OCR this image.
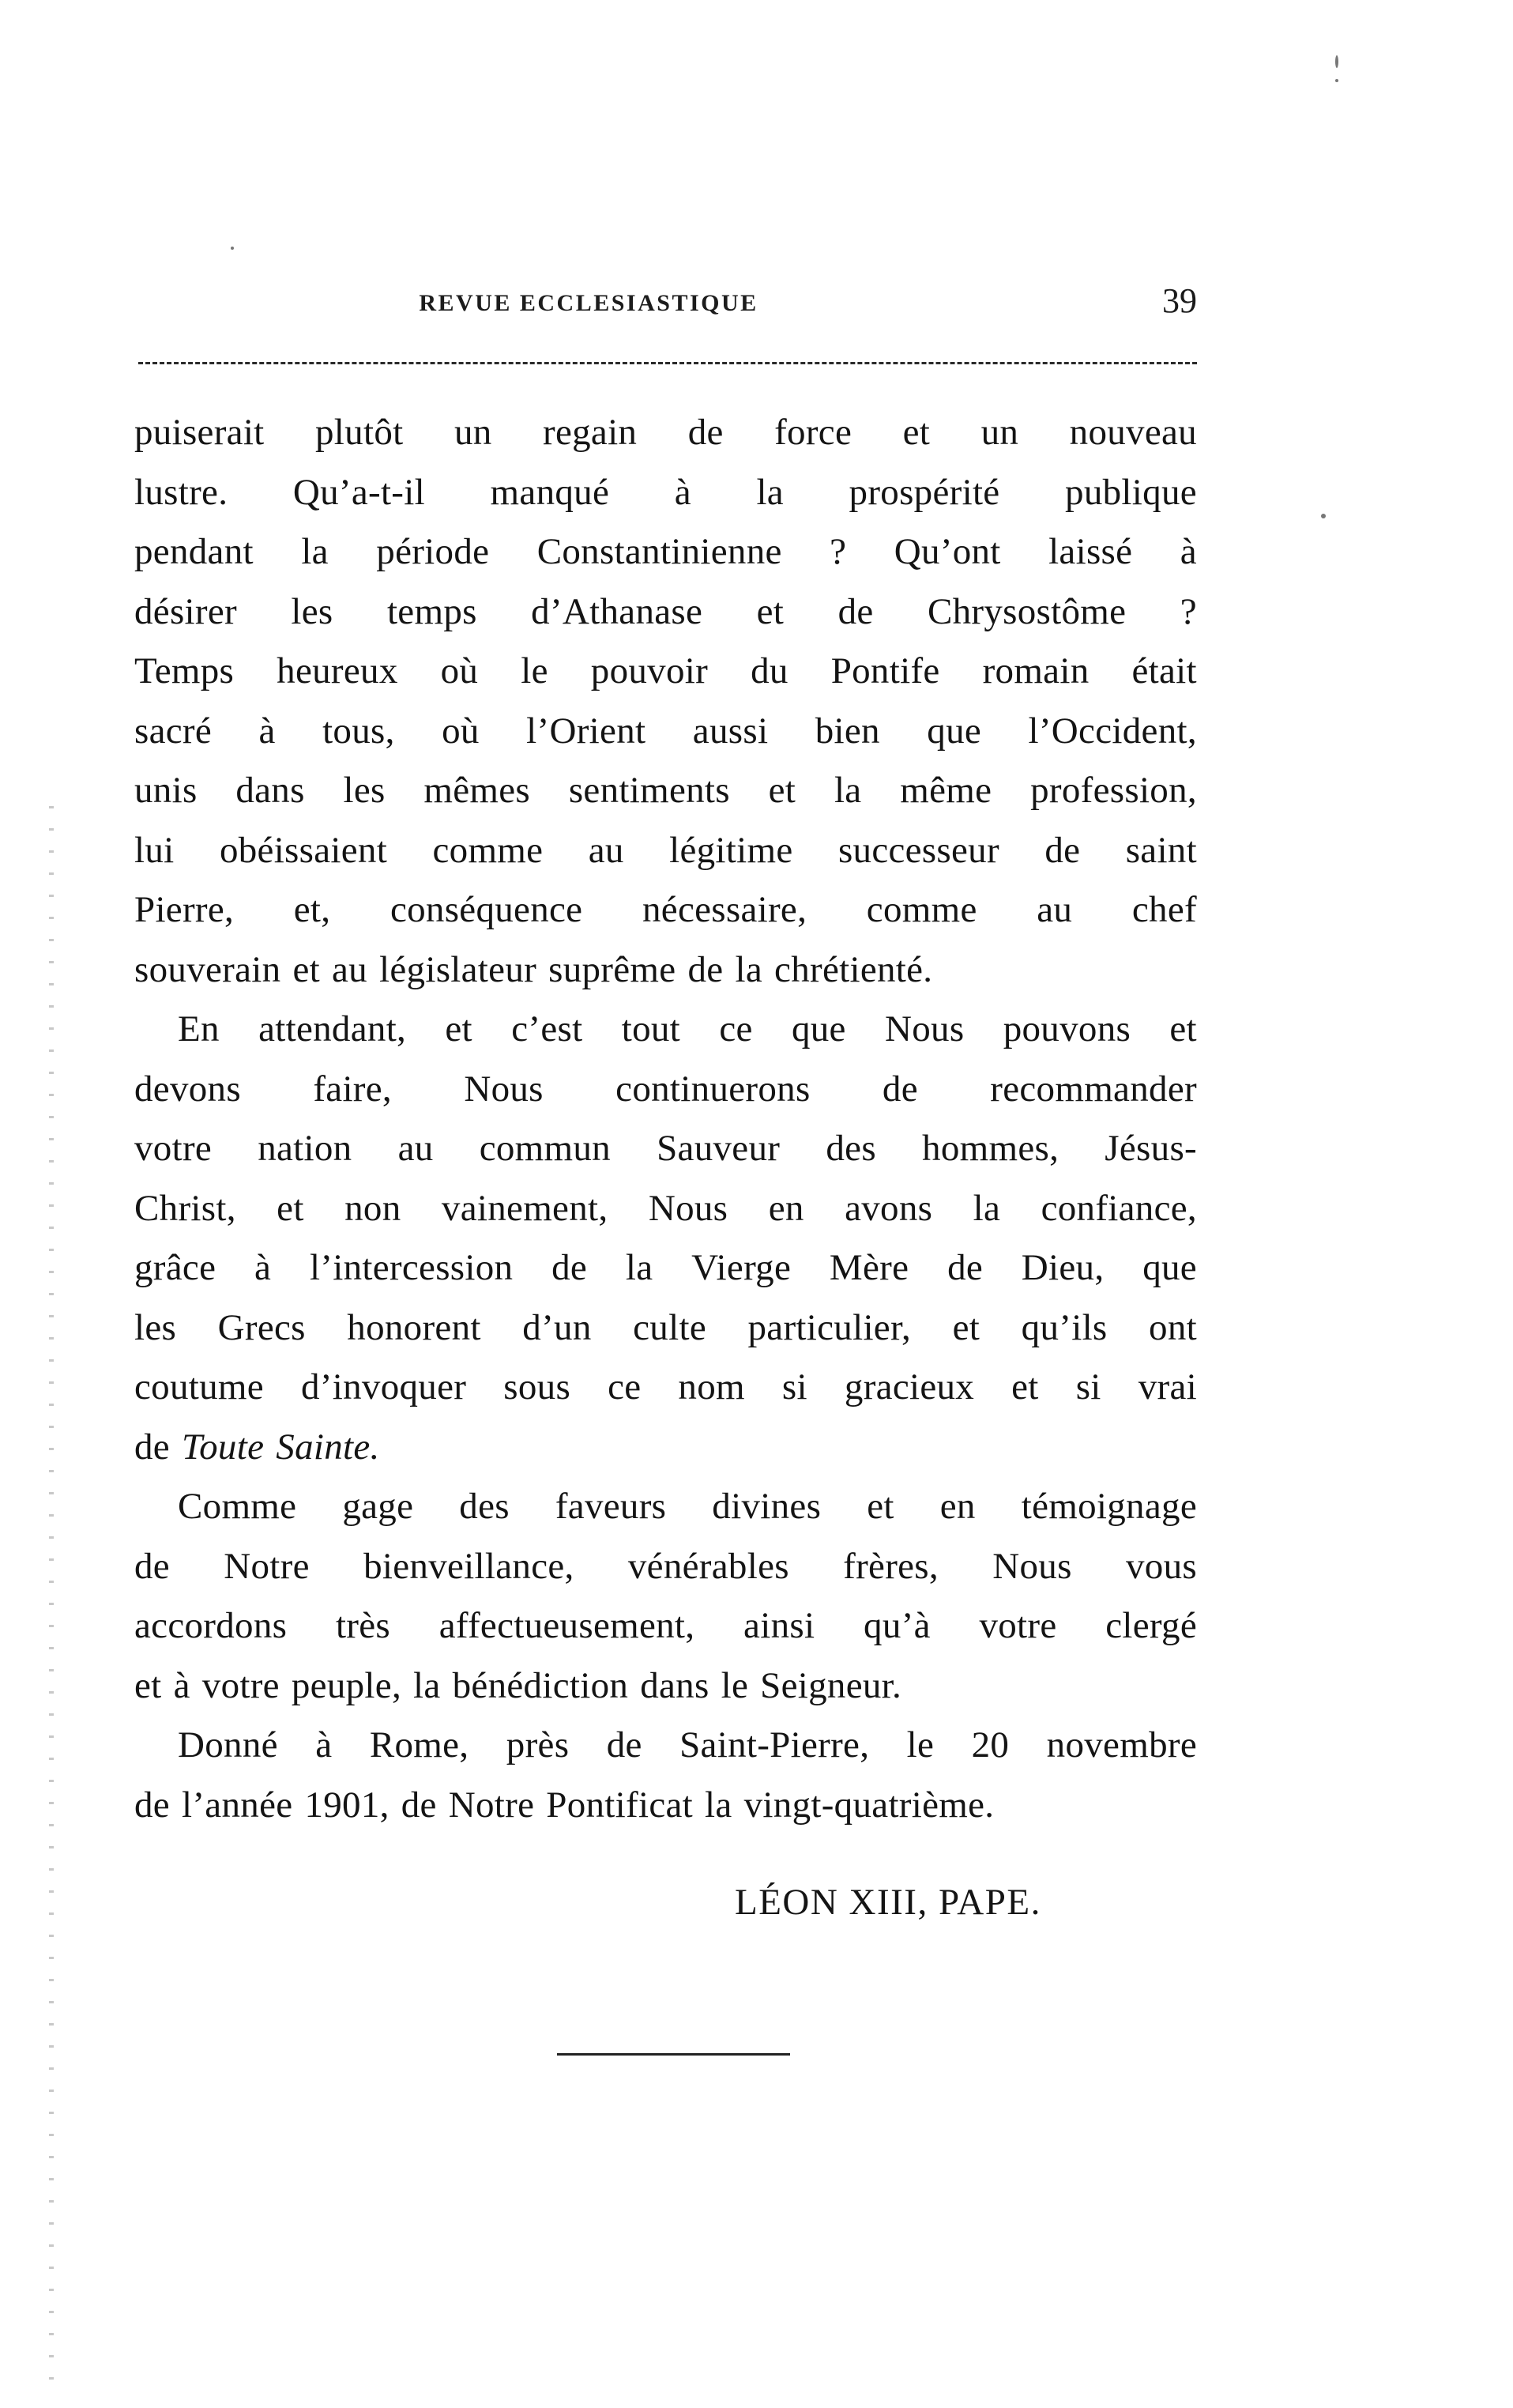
REVUE ECCLESIASTIQUE	39
puiserait plutôt un regain de force et un nouveau
lustre. Qu’a-t-il manqué à la prospérité publique
pendant la période Constantinienne ? Qu’ont laissé à
désirer les temps d’Athanase et de Chrysostôme ?
Temps heureux où le pouvoir du Pontife romain était
sacré à tous, où l’Orient aussi bien que l’Occident,
unis dans les mêmes sentiments et la même profession,
lui obéissaient comme au légitime successeur de saint
Pierre, et, conséquence nécessaire, comme au chef
souverain et au législateur suprême de la chrétienté.
En attendant, et c’est tout ce que Nous pouvons et
devons faire, Nous continuerons de recommander
votre nation au commun Sauveur des hommes, Jésus-
Christ, et non vainement, Nous en avons la confiance,
grâce à l’intercession de la Vierge Mère de Dieu, que
les Grecs honorent d’un culte particulier, et qu’ils ont
coutume d’invoquer sous ce nom si gracieux et si vrai
de Toute Sainte.
Comme gage des faveurs divines et en témoignage
de Notre bienveillance, vénérables frères, Nous vous
accordons très affectueusement, ainsi qu’à votre clergé
et à votre peuple, la bénédiction dans le Seigneur.
Donné à Rome, près de Saint-Pierre, le 20 novembre
de l’année 1901, de Notre Pontificat la vingt-quatrième.
LÉON XIII, PAPE.
